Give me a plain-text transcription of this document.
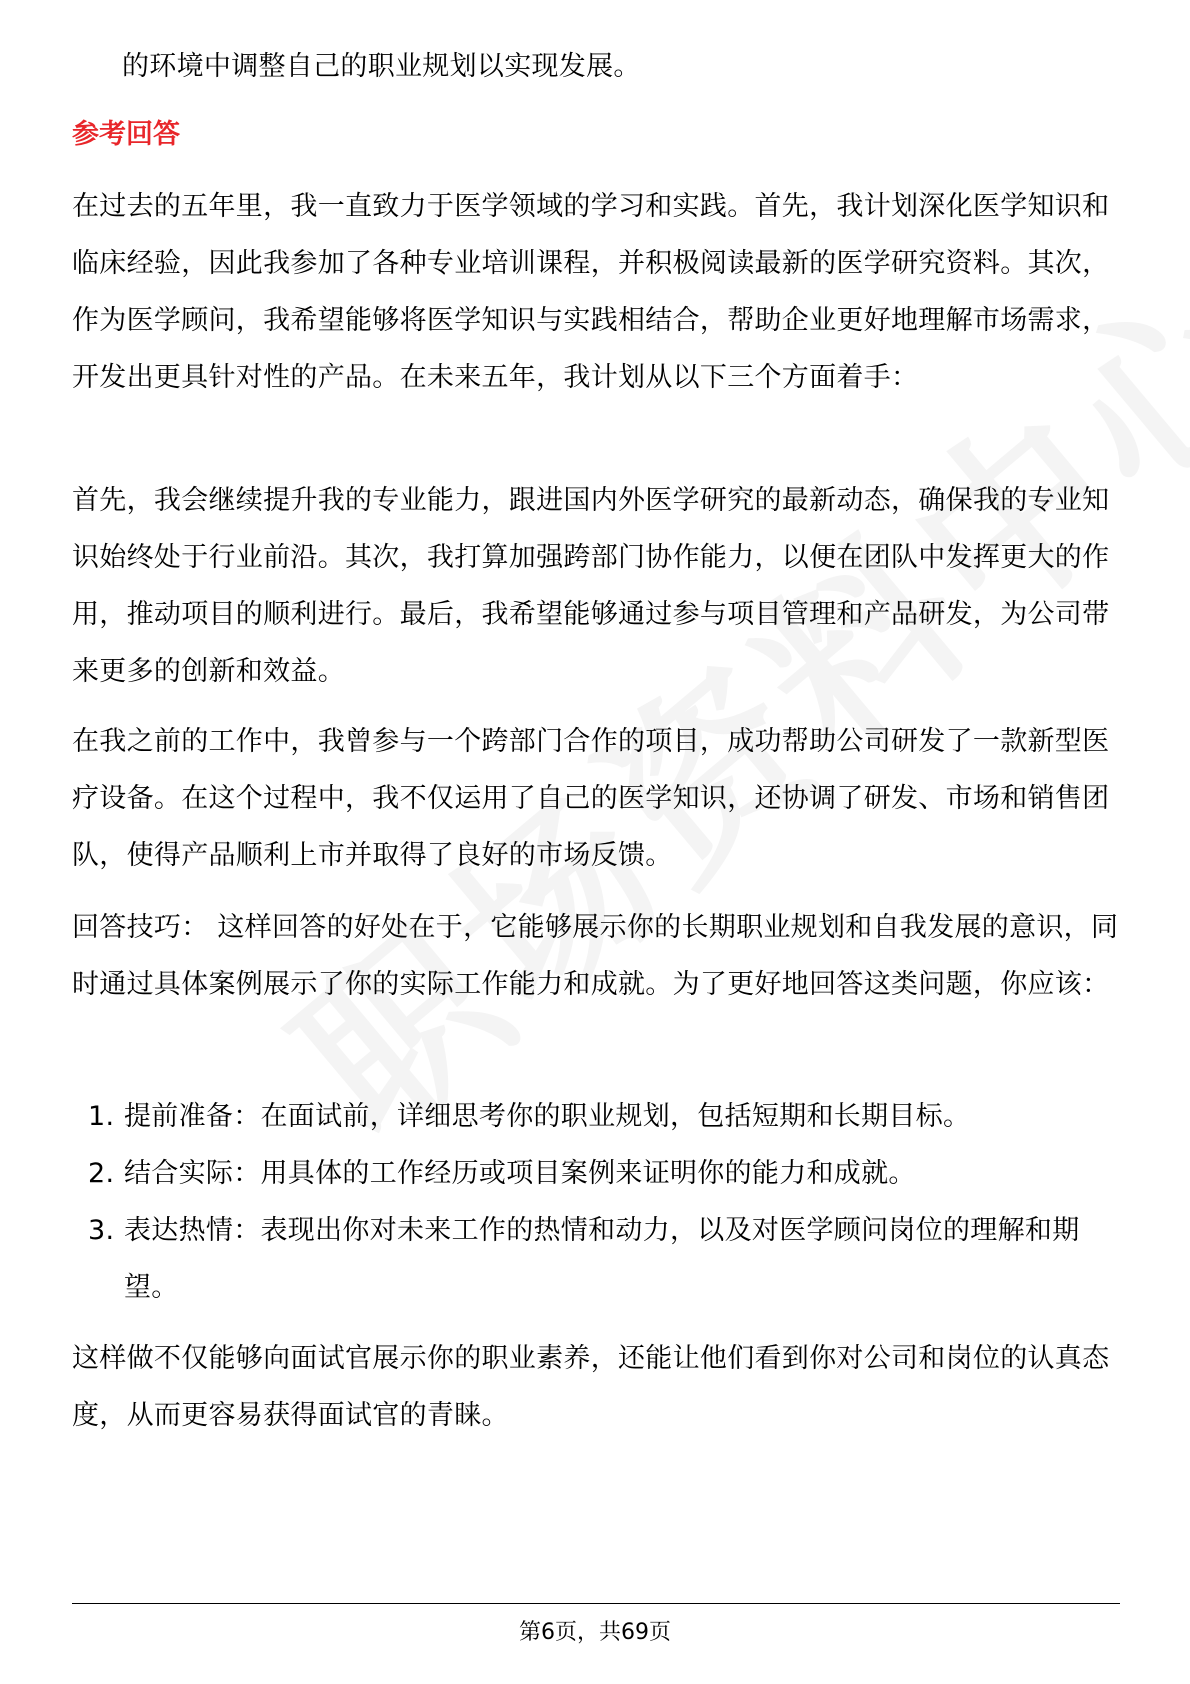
的环境中调整自己的职业规划以实现发展。

参考回答

在过去的五年里，我一直致力于医学领域的学习和实践。首先，我计划深化医学知识和临床经验，因此我参加了各种专业培训课程，并积极阅读最新的医学研究资料。其次，作为医学顾问，我希望能够将医学知识与实践相结合，帮助企业更好地理解市场需求，开发出更具针对性的产品。在未来五年，我计划从以下三个方面着手：

首先，我会继续提升我的专业能力，跟进国内外医学研究的最新动态，确保我的专业知识始终处于行业前沿。其次，我打算加强跨部门协作能力，以便在团队中发挥更大的作用，推动项目的顺利进行。最后，我希望能够通过参与项目管理和产品研发，为公司带来更多的创新和效益。

在我之前的工作中，我曾参与一个跨部门合作的项目，成功帮助公司研发了一款新型医疗设备。在这个过程中，我不仅运用了自己的医学知识，还协调了研发、市场和销售团队，使得产品顺利上市并取得了良好的市场反馈。

回答技巧： 这样回答的好处在于，它能够展示你的长期职业规划和自我发展的意识，同时通过具体案例展示了你的实际工作能力和成就。为了更好地回答这类问题，你应该：

1. 提前准备：在面试前，详细思考你的职业规划，包括短期和长期目标。
2. 结合实际：用具体的工作经历或项目案例来证明你的能力和成就。
3. 表达热情：表现出你对未来工作的热情和动力，以及对医学顾问岗位的理解和期望。

这样做不仅能够向面试官展示你的职业素养，还能让他们看到你对公司和岗位的认真态度，从而更容易获得面试官的青睐。

第6页，共69页
